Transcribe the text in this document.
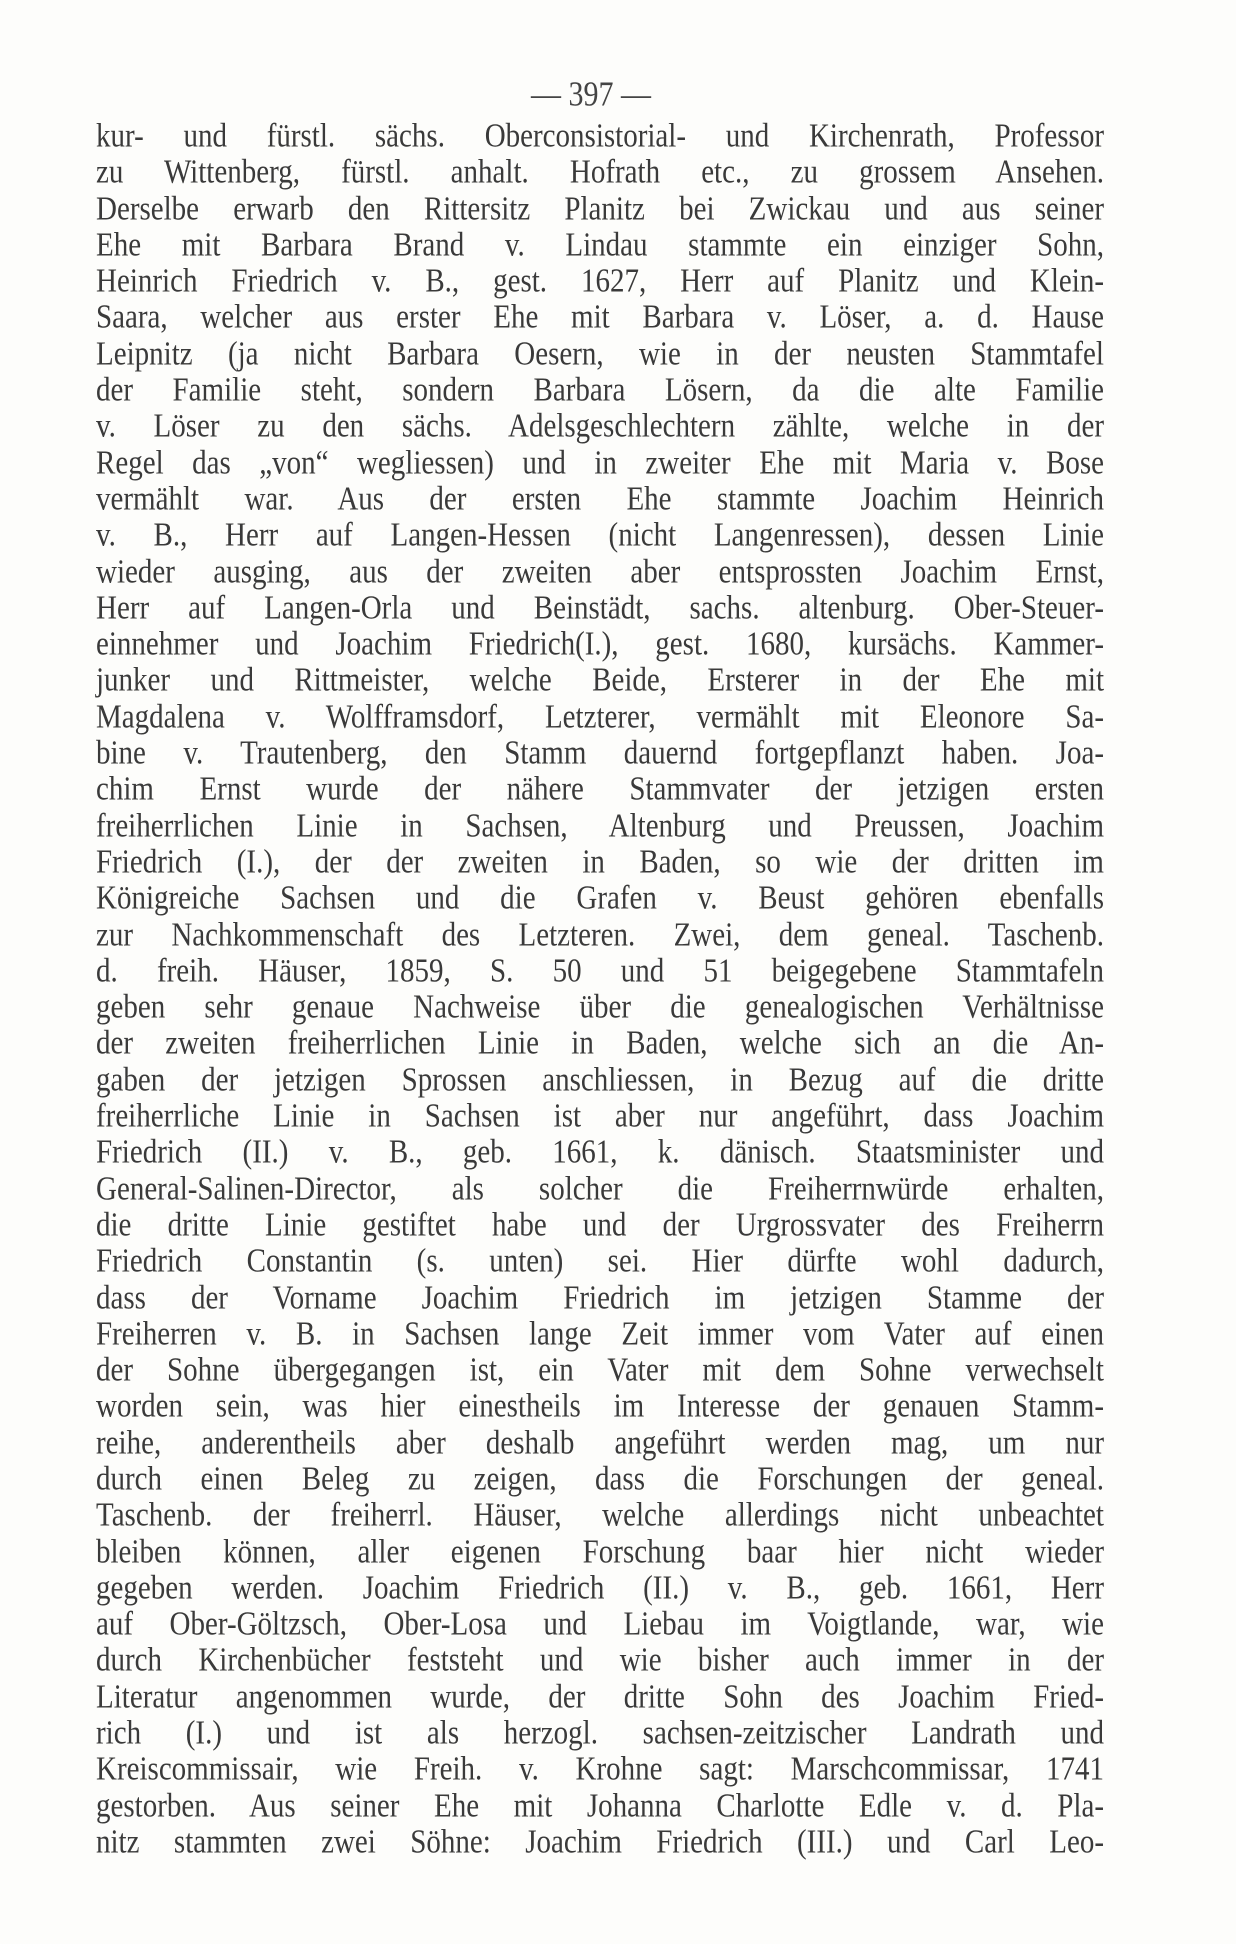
— 397 —
kur- und fürstl. sächs. Oberconsistorial- und Kirchenrath, Professor
zu Wittenberg, fürstl. anhalt. Hofrath etc., zu grossem Ansehen.
Derselbe erwarb den Rittersitz Planitz bei Zwickau und aus seiner
Ehe mit Barbara Brand v. Lindau stammte ein einziger Sohn,
Heinrich Friedrich v. B., gest. 1627, Herr auf Planitz und Klein-
Saara, welcher aus erster Ehe mit Barbara v. Löser, a. d. Hause
Leipnitz (ja nicht Barbara Oesern, wie in der neusten Stammtafel
der Familie steht, sondern Barbara Lösern, da die alte Familie
v. Löser zu den sächs. Adelsgeschlechtern zählte, welche in der
Regel das „von“ wegliessen) und in zweiter Ehe mit Maria v. Bose
vermählt war. Aus der ersten Ehe stammte Joachim Heinrich
v. B., Herr auf Langen-Hessen (nicht Langenressen), dessen Linie
wieder ausging, aus der zweiten aber entsprossten Joachim Ernst,
Herr auf Langen-Orla und Beinstädt, sachs. altenburg. Ober-Steuer-
einnehmer und Joachim Friedrich(I.), gest. 1680, kursächs. Kammer-
junker und Rittmeister, welche Beide, Ersterer in der Ehe mit
Magdalena v. Wolfframsdorf, Letzterer, vermählt mit Eleonore Sa-
bine v. Trautenberg, den Stamm dauernd fortgepflanzt haben. Joa-
chim Ernst wurde der nähere Stammvater der jetzigen ersten
freiherrlichen Linie in Sachsen, Altenburg und Preussen, Joachim
Friedrich (I.), der der zweiten in Baden, so wie der dritten im
Königreiche Sachsen und die Grafen v. Beust gehören ebenfalls
zur Nachkommenschaft des Letzteren. Zwei, dem geneal. Taschenb.
d. freih. Häuser, 1859, S. 50 und 51 beigegebene Stammtafeln
geben sehr genaue Nachweise über die genealogischen Verhältnisse
der zweiten freiherrlichen Linie in Baden, welche sich an die An-
gaben der jetzigen Sprossen anschliessen, in Bezug auf die dritte
freiherrliche Linie in Sachsen ist aber nur angeführt, dass Joachim
Friedrich (II.) v. B., geb. 1661, k. dänisch. Staatsminister und
General-Salinen-Director, als solcher die Freiherrnwürde erhalten,
die dritte Linie gestiftet habe und der Urgrossvater des Freiherrn
Friedrich Constantin (s. unten) sei. Hier dürfte wohl dadurch,
dass der Vorname Joachim Friedrich im jetzigen Stamme der
Freiherren v. B. in Sachsen lange Zeit immer vom Vater auf einen
der Sohne übergegangen ist, ein Vater mit dem Sohne verwechselt
worden sein, was hier einestheils im Interesse der genauen Stamm-
reihe, anderentheils aber deshalb angeführt werden mag, um nur
durch einen Beleg zu zeigen, dass die Forschungen der geneal.
Taschenb. der freiherrl. Häuser, welche allerdings nicht unbeachtet
bleiben können, aller eigenen Forschung baar hier nicht wieder
gegeben werden. Joachim Friedrich (II.) v. B., geb. 1661, Herr
auf Ober-Göltzsch, Ober-Losa und Liebau im Voigtlande, war, wie
durch Kirchenbücher feststeht und wie bisher auch immer in der
Literatur angenommen wurde, der dritte Sohn des Joachim Fried-
rich (I.) und ist als herzogl. sachsen-zeitzischer Landrath und
Kreiscommissair, wie Freih. v. Krohne sagt: Marschcommissar, 1741
gestorben. Aus seiner Ehe mit Johanna Charlotte Edle v. d. Pla-
nitz stammten zwei Söhne: Joachim Friedrich (III.) und Carl Leo-
